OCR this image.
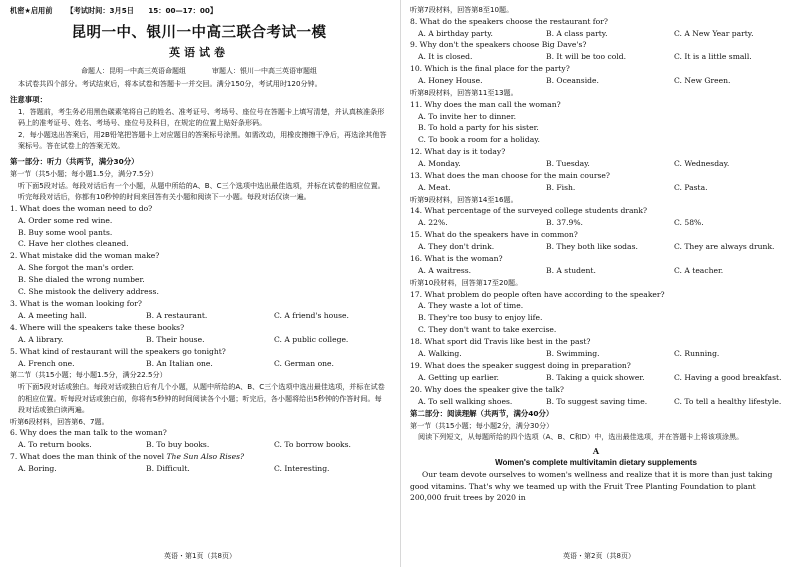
机密★启用前	【考试时间：3月5日　　15：00—17：00】
昆明一中、银川一中高三联合考试一模
英语试卷
命题人：昆明一中高三英语命题组	审题人：银川一中高三英语审题组
本试卷共四个部分。考试结束后，将本试卷和答题卡一并交回。满分150分，考试用时120分钟。
注意事项：
1．答题前，考生务必用黑色碳素笔将自己的姓名、准考证号、考场号、座位号在答题卡上填写清楚，并认真核准条形码上的准考证号、姓名、考场号、座位号及科目，在规定的位置上贴好条形码。
2．每小题选出答案后，用2B铅笔把答题卡上对应题目的答案标号涂黑。如需改动，用橡皮擦擦干净后，再选涂其他答案标号。答在试卷上的答案无效。
第一部分：听力（共两节，满分30分）
第一节（共5小题；每小题1.5分，满分7.5分）
听下面5段对话。每段对话后有一个小题，从题中所给的A、B、C三个选项中选出最佳选项，并标在试卷的相应位置。听完每段对话后，你都有10秒钟的时间来回答有关小题和阅读下一小题。每段对话仅读一遍。
1. What does the woman need to do?
A. Order some red wine.
B. Buy some wool pants.
C. Have her clothes cleaned.
2. What mistake did the woman make?
A. She forgot the man's order.
B. She dialed the wrong number.
C. She mistook the delivery address.
3. What is the woman looking for?
A. A meeting hall.	B. A restaurant.	C. A friend's house.
4. Where will the speakers take these books?
A. A library.	B. Their house.	C. A public college.
5. What kind of restaurant will the speakers go tonight?
A. French one.	B. An Italian one.	C. German one.
第二节（共15小题；每小题1.5分，满分22.5分）
听下面5段对话或独白。每段对话或独白后有几个小题，从题中所给的A、B、C三个选项中选出最佳选项，并标在试卷的相应位置。听每段对话或独白前，你将有5秒钟的时间阅读各个小题；听完后，各小题将给出5秒钟的作答时间。每段对话或独白读两遍。
听第6段材料，回答第6、7题。
6. Why does the man talk to the woman?
A. To return books.	B. To buy books.	C. To borrow books.
7. What does the man think of the novel The Sun Also Rises?
A. Boring.	B. Difficult.	C. Interesting.
英语・第1页（共8页）
听第7段材料，回答第8至10题。
8. What do the speakers choose the restaurant for?
A. A birthday party.	B. A class party.	C. A New Year party.
9. Why don't the speakers choose Big Dave's?
A. It is closed.	B. It will be too cold.	C. It is a little small.
10. Which is the final place for the party?
A. Honey House.	B. Oceanside.	C. New Green.
听第8段材料，回答第11至13题。
11. Why does the man call the woman?
A. To invite her to dinner.
B. To hold a party for his sister.
C. To book a room for a holiday.
12. What day is it today?
A. Monday.	B. Tuesday.	C. Wednesday.
13. What does the man choose for the main course?
A. Meat.	B. Fish.	C. Pasta.
听第9段材料，回答第14至16题。
14. What percentage of the surveyed college students drank?
A. 22%.	B. 37.9%.	C. 58%.
15. What do the speakers have in common?
A. They don't drink.	B. They both like sodas.	C. They are always drunk.
16. What is the woman?
A. A waitress.	B. A student.	C. A teacher.
听第10段材料，回答第17至20题。
17. What problem do people often have according to the speaker?
A. They waste a lot of time.
B. They're too busy to enjoy life.
C. They don't want to take exercise.
18. What sport did Travis like best in the past?
A. Walking.	B. Swimming.	C. Running.
19. What does the speaker suggest doing in preparation?
A. Getting up earlier.	B. Taking a quick shower.	C. Having a good breakfast.
20. Why does the speaker give the talk?
A. To sell walking shoes.	B. To suggest saving time.	C. To tell a healthy lifestyle.
第二部分：阅读理解（共两节，满分40分）
第一节（共15小题；每小题2分，满分30分）
阅读下列短文，从每题所给的四个选项（A、B、C和D）中，选出最佳选项，并在答题卡上将该项涂黑。
A
Women's complete multivitamin dietary supplements
Our team devote ourselves to women's wellness and realize that it is more than just taking good vitamins. That's why we teamed up with the Fruit Tree Planting Foundation to plant 200,000 fruit trees by 2020 in
英语・第2页（共8页）
